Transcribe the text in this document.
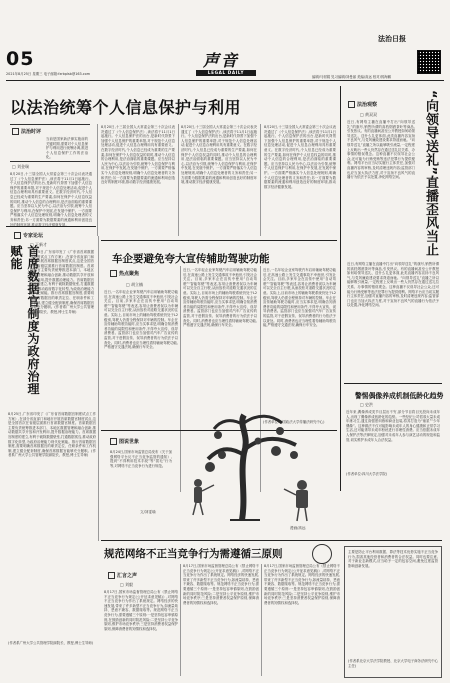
05
2021年8月25日 星期三 电子邮箱:fzrbplsb@163.com
声音
LEGAL DAILY
法治日报
编辑/马树娟 见习编辑/刘曼丽 美编/高远 校对/郭海鹏
以法治统筹个人信息保护与利用
法治时评
当前是国家新法律实施前的关键时期,需要对个人信息保护与利用进行统筹协调,推进个人信息保护工作的法治化。
□ 刘金瑞
8月20日,十三届全国人大常委会第三十次会议表决通过了《个人信息保护法》,该法将于11月1日起施行。个人信息保护法的出台,是新时代背景下加强个人信息保护的重要举措,对于规范个人信息处理活动,促进个人信息合理利用具有重要意义。在数字经济时代,个人信息已经成为重要的生产要素,如何在保护个人信息权益的同时,推动个人信息的合理利用,是法治面临的重要课题。应当坚持以人民为中心,以法治为引领,统筹个人信息保护与利用,在保护中发展,在发展中保护。一方面要严格落实个人信息处理规则,明确个人信息处理者的义务和责任;另一方面要为数据要素的流通和利用创造良好的制度环境,推动数字经济健康发展。
8月20日,十三届全国人大常委会第三十次会议表决通过了《个人信息保护法》,该法将于11月1日起施行。个人信息保护法的出台,是新时代背景下加强个人信息保护的重要举措,对于规范个人信息处理活动,促进个人信息合理利用具有重要意义。在数字经济时代,个人信息已经成为重要的生产要素,如何在保护个人信息权益的同时,推动个人信息的合理利用,是法治面临的重要课题。应当坚持以人民为中心,以法治为引领,统筹个人信息保护与利用,在保护中发展,在发展中保护。一方面要严格落实个人信息处理规则,明确个人信息处理者的义务和责任;另一方面要为数据要素的流通和利用创造良好的制度环境,推动数字经济健康发展。
8月20日,十三届全国人大常委会第三十次会议表决通过了《个人信息保护法》,该法将于11月1日起施行。个人信息保护法的出台,是新时代背景下加强个人信息保护的重要举措,对于规范个人信息处理活动,促进个人信息合理利用具有重要意义。在数字经济时代,个人信息已经成为重要的生产要素,如何在保护个人信息权益的同时,推动个人信息的合理利用,是法治面临的重要课题。应当坚持以人民为中心,以法治为引领,统筹个人信息保护与利用,在保护中发展,在发展中保护。一方面要严格落实个人信息处理规则,明确个人信息处理者的义务和责任;另一方面要为数据要素的流通和利用创造良好的制度环境,推动数字经济健康发展。
8月20日,十三届全国人大常委会第三十次会议表决通过了《个人信息保护法》,该法将于11月1日起施行。个人信息保护法的出台,是新时代背景下加强个人信息保护的重要举措,对于规范个人信息处理活动,促进个人信息合理利用具有重要意义。在数字经济时代,个人信息已经成为重要的生产要素,如何在保护个人信息权益的同时,推动个人信息的合理利用,是法治面临的重要课题。应当坚持以人民为中心,以法治为引领,统筹个人信息保护与利用,在保护中发展,在发展中保护。一方面要严格落实个人信息处理规则,明确个人信息处理者的义务和责任;另一方面要为数据要素的流通和利用创造良好的制度环境,推动数字经济健康发展。
法治观察
□ 黄双双	“向领导送礼”直播歪风当止
近日,有网络主播在直播中打出“向领导送礼”的旗号,销售所谓的高档烟酒茶叶等商品,引发热议。有的直播间甚至公开教授如何给领导送礼、送什么礼更体面,此类直播内容宣扬不良风气,与党风廉政建设要求背道而驰。“向领导送礼”直播之所以能够吸引流量,一定程度上反映出一些人仍然存在通过送礼拉关系、办事情的错误观念。这种直播不仅误导社会公众,还可能为行贿受贿等违法犯罪行为提供便利。网络平台应当切实履行主体责任,加强对直播内容的审核,及时清理违规内容;监管部门也应当加大执法力度,对于宣扬不良风气的直播行为依法予以处置,净化网络空间。
近日,有网络主播在直播中打出“向领导送礼”的旗号,销售所谓的高档烟酒茶叶等商品,引发热议。有的直播间甚至公开教授如何给领导送礼、送什么礼更体面,此类直播内容宣扬不良风气,与党风廉政建设要求背道而驰。“向领导送礼”直播之所以能够吸引流量,一定程度上反映出一些人仍然存在通过送礼拉关系、办事情的错误观念。这种直播不仅误导社会公众,还可能为行贿受贿等违法犯罪行为提供便利。网络平台应当切实履行主体责任,加强对直播内容的审核,及时清理违规内容;监管部门也应当加大执法力度,对于宣扬不良风气的直播行为依法予以处置,净化网络空间。
专家论坛
□ 王新才
首席数据官制度为政府治理赋能	8月25日,广东省印发了《广东省首席数据官制度试点工作方案》,在部分省直部门和地市开展首席数据官制度试点,这是全国首次在省级层面推行首席数据官制度。首席数据官主要负责统筹推进本部门、本地区数据管理和融合创新,推动数据共享开放和开发利用,提升数据治理能力。首席数据官制度的建立,有利于破除数据壁垒,打通数据孤岛,推动政府数字化转型,为政府治理能力现代化赋能。推行首席数据官制度,需要明确首席数据官的职责定位、任职条件和工作机制,建立健全配套制度,确保首席数据官能够充分履职。(作者系广州大学公共管理学院副院长、教授,博士生导师)
8月25日,广东省印发了《广东省首席数据官制度试点工作方案》,在部分省直部门和地市开展首席数据官制度试点,这是全国首次在省级层面推行首席数据官制度。首席数据官主要负责统筹推进本部门、本地区数据管理和融合创新,推动数据共享开放和开发利用,提升数据治理能力。首席数据官制度的建立,有利于破除数据壁垒,打通数据孤岛,推动政府数字化转型,为政府治理能力现代化赋能。推行首席数据官制度,需要明确首席数据官的职责定位、任职条件和工作机制,建立健全配套制度,确保首席数据官能够充分履职。(作者系广州大学公共管理学院副院长、教授,博士生导师)
(作者系广州大学公共管理学院副院长、教授,博士生导师)
车企要避免夸大宣传辅助驾驶功能
热点聚焦
□ 胡立楠
近日,一名年轻企业家驾驶汽车启用辅助驾驶功能后,在高速公路上发生交通事故不幸逝世,引发社会关注。目前,多家车企在宣传中使用“自动驾驶”“智能驾驶”等表述,容易让消费者误以为车辆可以完全自主行驶,从而放松对道路交通状况的注意。实际上,目前市场上的辅助驾驶系统仍处于L2级别,驾驶人仍需全程保持对车辆的控制。车企在宣传辅助驾驶功能时,应当实事求是,明确告知消费者功能的局限性和使用条件,不得夸大宣传、误导消费者。监管部门也应当加强对汽车广告宣传的监管,对于虚假宣传、误导消费者的行为依法予以查处。同时,消费者也应当理性看待辅助驾驶功能,严格遵守交通法规,确保行车安全。
近日,一名年轻企业家驾驶汽车启用辅助驾驶功能后,在高速公路上发生交通事故不幸逝世,引发社会关注。目前,多家车企在宣传中使用“自动驾驶”“智能驾驶”等表述,容易让消费者误以为车辆可以完全自主行驶,从而放松对道路交通状况的注意。实际上,目前市场上的辅助驾驶系统仍处于L2级别,驾驶人仍需全程保持对车辆的控制。车企在宣传辅助驾驶功能时,应当实事求是,明确告知消费者功能的局限性和使用条件,不得夸大宣传、误导消费者。监管部门也应当加强对汽车广告宣传的监管,对于虚假宣传、误导消费者的行为依法予以查处。同时,消费者也应当理性看待辅助驾驶功能,严格遵守交通法规,确保行车安全。
近日,一名年轻企业家驾驶汽车启用辅助驾驶功能后,在高速公路上发生交通事故不幸逝世,引发社会关注。目前,多家车企在宣传中使用“自动驾驶”“智能驾驶”等表述,容易让消费者误以为车辆可以完全自主行驶,从而放松对道路交通状况的注意。实际上,目前市场上的辅助驾驶系统仍处于L2级别,驾驶人仍需全程保持对车辆的控制。车企在宣传辅助驾驶功能时,应当实事求是,明确告知消费者功能的局限性和使用条件,不得夸大宣传、误导消费者。监管部门也应当加强对汽车广告宣传的监管,对于虚假宣传、误导消费者的行为依法予以查处。同时,消费者也应当理性看待辅助驾驶功能,严格遵守交通法规,确保行车安全。
(作者单位:中国政法大学传播法研究中心)
警惕偶像养成机制低龄化趋势
□ 史洪
近年来,偶像养成类节目层出不穷,部分节目将目光投向未成年人,出现了偶像养成低龄化的趋势。一些经纪公司招募大量未成年练习生,通过高强度训练和商业包装,将其打造为“童星”“少年偶像”。这种做法不仅可能影响未成年人的身心健康和正常学习生活,还可能诱导未成年粉丝进行非理性消费。应当依据未成年人保护法等法律规定,加强对未成年人参与演艺活动的规范和监管,切实维护未成年人合法权益。
(作者单位:四川大学法学院)
图说世象
8月24日,国家市场监管总局发布《关于加强网络平台反不正当竞争监管的通知》,提到“不得利用技术手段”等“拔毛”行为等,对网络不正当竞争行为进行规范。
文/刘雯瑜
漫画/高远
规范网络不正当竞争行为需遵循三原则
汇言之声
□ 刘毅
8月17日,国家市场监督管理总局公布《禁止网络不正当竞争行为规定(公开征求意见稿)》,对网络不正当竞争行为作出了系统规定。网络经济的快速发展,带来了许多新型不正当竞争行为,如流量劫持、恶意不兼容、数据爬取等。规范网络不正当竞争行为,需要遵循三个原则:一是坚持包容审慎原则,在鼓励创新的同时防范风险;二是坚持公平竞争原则,维护市场竞争秩序;三是坚持消费者权益保护原则,保障消费者的知情权和选择权。
8月17日,国家市场监督管理总局公布《禁止网络不正当竞争行为规定(公开征求意见稿)》,对网络不正当竞争行为作出了系统规定。网络经济的快速发展,带来了许多新型不正当竞争行为,如流量劫持、恶意不兼容、数据爬取等。规范网络不正当竞争行为,需要遵循三个原则:一是坚持包容审慎原则,在鼓励创新的同时防范风险;二是坚持公平竞争原则,维护市场竞争秩序;三是坚持消费者权益保护原则,保障消费者的知情权和选择权。
8月17日,国家市场监督管理总局公布《禁止网络不正当竞争行为规定(公开征求意见稿)》,对网络不正当竞争行为作出了系统规定。网络经济的快速发展,带来了许多新型不正当竞争行为,如流量劫持、恶意不兼容、数据爬取等。规范网络不正当竞争行为,需要遵循三个原则:一是坚持包容审慎原则,在鼓励创新的同时防范风险;二是坚持公平竞争原则,维护市场竞争秩序;三是坚持消费者权益保护原则,保障消费者的知情权和选择权。
主要是防止平台利用数据、算法等技术优势实施不正当竞争行为,损害其他经营者和消费者的合法权益。同时也要注意,对于新业态新模式,应当给予一定的包容空间,避免过度监管影响创新发展。
(作者系北京大学法学院教授、北京大学电子商务法研究中心主任)
